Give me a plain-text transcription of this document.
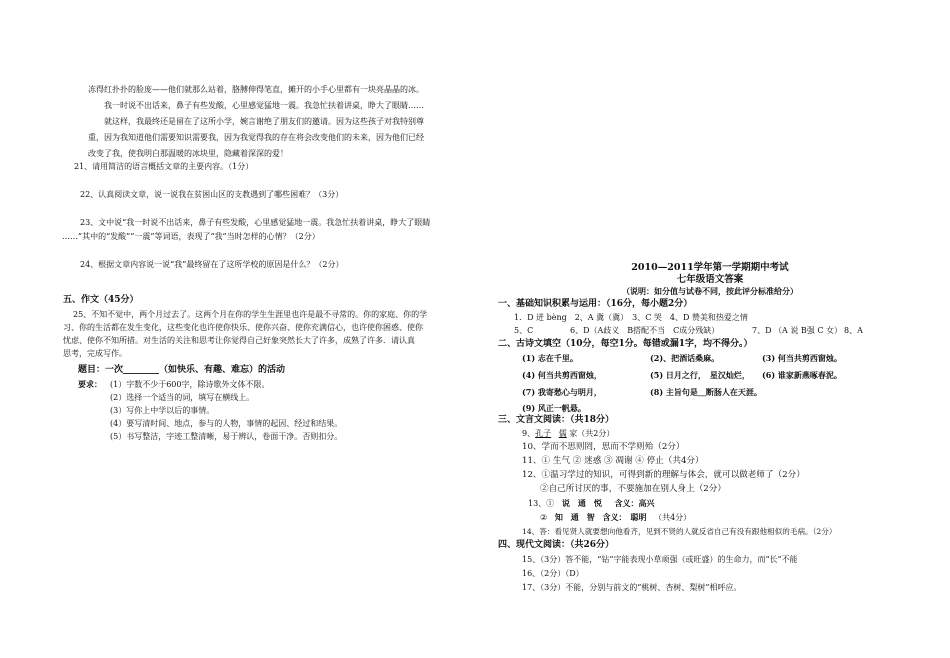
冻得红扑扑的脸庞——他们就那么站着，胳膊伸得笔直，摊开的小手心里都有一块亮晶晶的冰。
我一时说不出话来，鼻子有些发酸，心里感觉猛地一震。我急忙扶着讲桌，睁大了眼睛……
就这样，我最终还是留在了这所小学，婉言谢绝了朋友们的邀请。因为这些孩子对我特别尊
重，因为我知道他们需要知识需要我，因为我觉得我的存在将会改变他们的未来，因为他们已经
改变了我，使我明白那温暖的冰块里，隐藏着深深的爱！
21、请用简洁的语言概括文章的主要内容。（1分）
22、认真阅读文章，说一说我在贫困山区的支教遇到了哪些困难？（3分）
23、文中说“我一时说不出话来，鼻子有些发酸，心里感觉猛地一震。我急忙扶着讲桌，睁大了眼睛
……”其中的“发酸”“一震”等词语，表现了“我”当时怎样的心情？（2分）
24、根据文章内容说一说“我”最终留在了这所学校的原因是什么？（2分）
五、作文（45分）
25、不知不觉中，两个月过去了。这两个月在你的学生生涯里也许是最不寻常的。你的家庭、你的学
习、你的生活都在发生变化，这些变化也许使你快乐、使你兴奋、使你充满信心，也许使你困惑、使你
忧虑、使你不知所措。对生活的关注和思考让你觉得自己好象突然长大了许多，成熟了许多．请认真
思考，完成写作。
题目：一次________（如快乐、有趣、难忘）的活动
要求： (1）字数不少于600字，除诗歌外文体不限。
(2）选择一个适当的词，填写在横线上。
(3）写你上中学以后的事情。
(4）要写清时间、地点，参与的人物，事情的起因、经过和结果。
(5）书写整洁，字迹工整清晰，易于辨认，卷面干净。否则扣分。
2010—2011学年第一学期期中考试
七年级语文答案
（说明：如分值与试卷不同，按此评分标准给分）
一、基础知识积累与运用：（16分，每小题2分）
1．D 迸 bèng　2、A 冀（冀）　3、C 哭　4、D 赞美和热爱之情
5、C	6、D（A歧义　B搭配不当　C成分残缺）	7、D （A 说 B强 C 女） 8、A
二、古诗文填空（10分，每空1分。每错或漏1字，均不得分。）
(1) 志在千里。	(2)、把酒话桑麻。	(3) 何当共剪西窗烛。
(4) 何当共剪西窗烛，	(5) 日月之行，　星汉灿烂， (6) 谁家新燕啄春泥。
(7) 我寄愁心与明月，	(8) 主旨句是＿断肠人在天涯。
(9) 风正一帆悬。
三、文言文阅读：（共18分）
9、孔子 儒 家（共2分）
10、学而不思则罔，思而不学则殆（2分）
11、① 生气 ② 迷惑 ③ 凋谢 ④ 停止（共4分）
12、①温习学过的知识，可得到新的理解与体会，就可以做老师了（2分）
②自己所讨厌的事，不要施加在别人身上（2分）
13、① 说　通　悦 含义：高兴
② 知　通　智 含义：　聪明 （共4分）
14、答：看见贤人就要想向他看齐，见到不贤的人就反省自己有没有跟他相似的毛病。（2分）
四、现代文阅读：（共26分）
15、（3分）答不能，“钻”字能表现小草顽强（或旺盛）的生命力，而“长”不能
16、（2分）（D）
17、（3分）不能，分别与前文的“桃树、杏树、梨树”相呼应。
